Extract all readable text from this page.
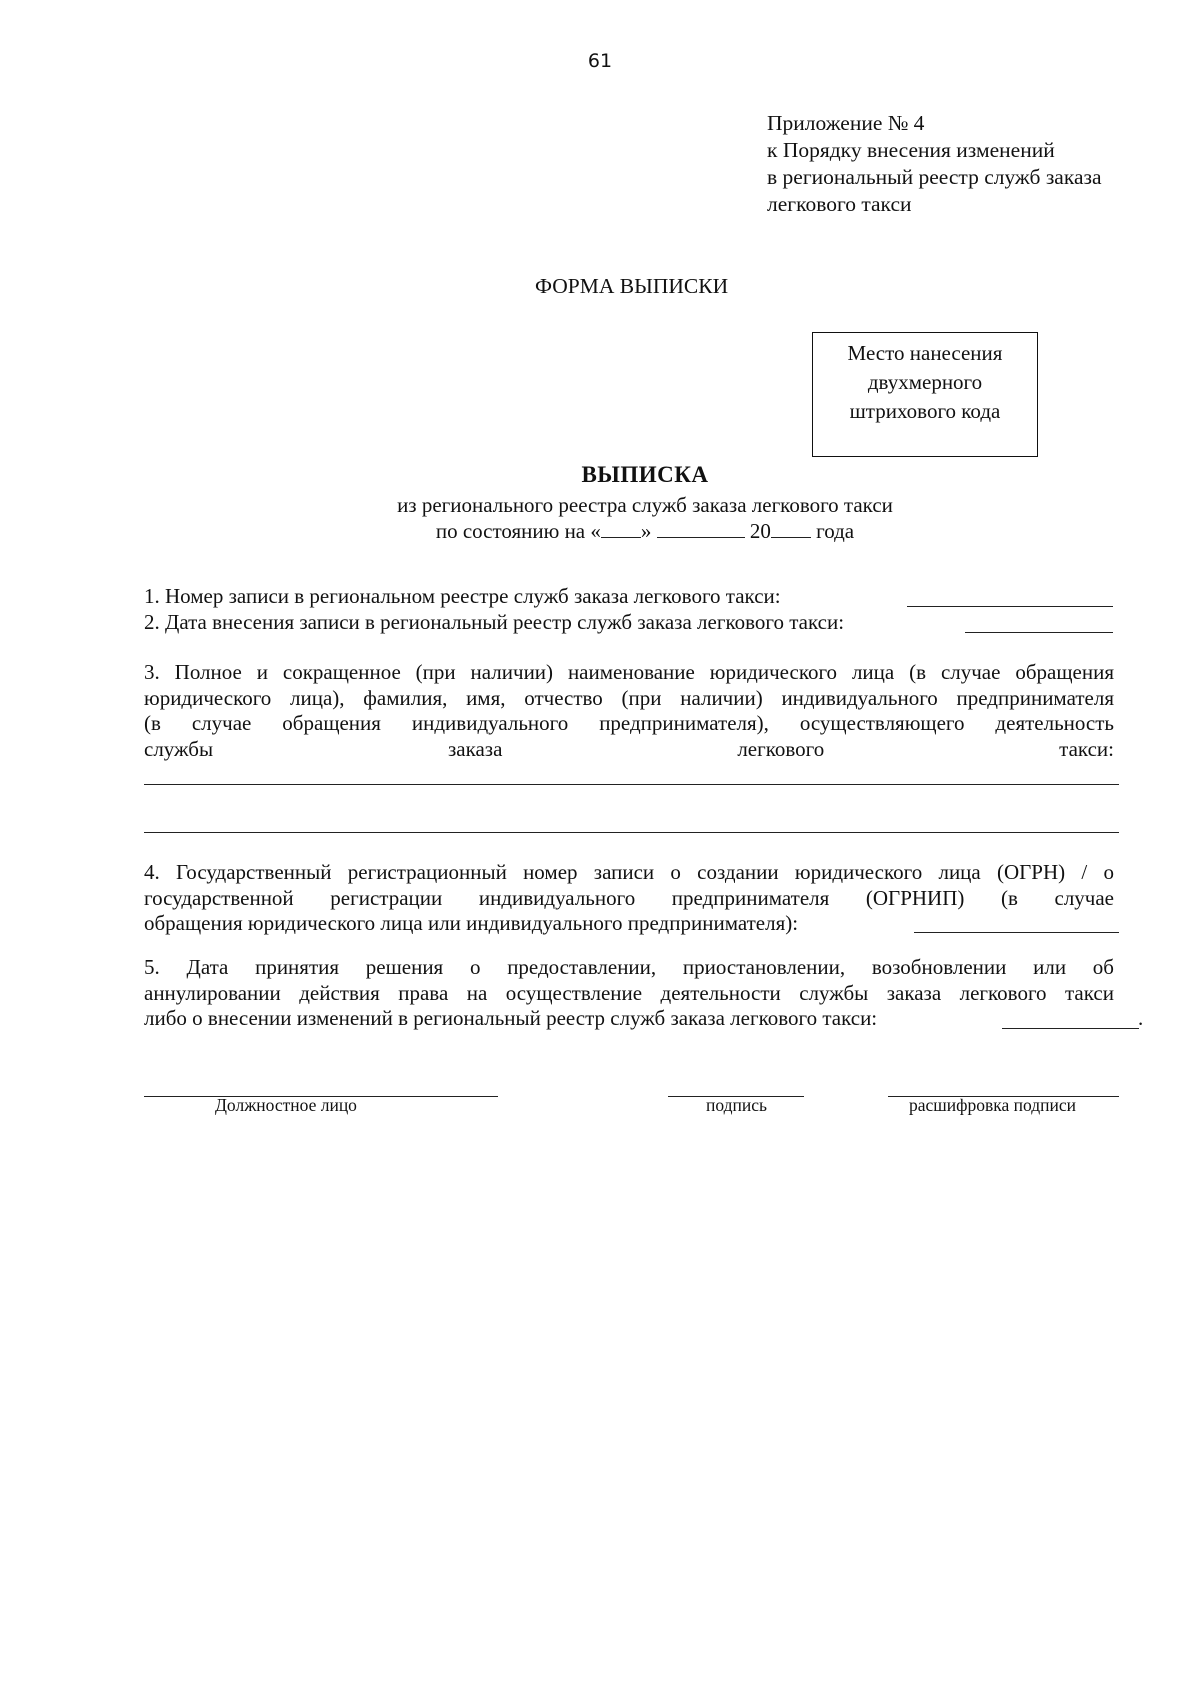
61
Приложение № 4
к Порядку внесения изменений
в региональный реестр служб заказа
легкового такси
ФОРМА ВЫПИСКИ
Место нанесения
двухмерного
штрихового кода
ВЫПИСКА
из регионального реестра служб заказа легкового такси
по состоянию на « »	20 года
1. Номер записи в региональном реестре служб заказа легкового такси:
2. Дата внесения записи в региональный реестр служб заказа легкового такси:
3. Полное и сокращенное (при наличии) наименование юридического лица (в случае обращения
юридического лица), фамилия, имя, отчество (при наличии) индивидуального предпринимателя
(в случае обращения индивидуального предпринимателя), осуществляющего деятельность
службы заказа легкового такси:
4. Государственный регистрационный номер записи о создании юридического лица (ОГРН) / о
государственной регистрации индивидуального предпринимателя (ОГРНИП) (в случае
обращения юридического лица или индивидуального предпринимателя):
5. Дата принятия решения о предоставлении, приостановлении, возобновлении или об
аннулировании действия права на осуществление деятельности службы заказа легкового такси
либо о внесении изменений в региональный реестр служб заказа легкового такси:	.
Должностное лицо	подпись	расшифровка подписи
